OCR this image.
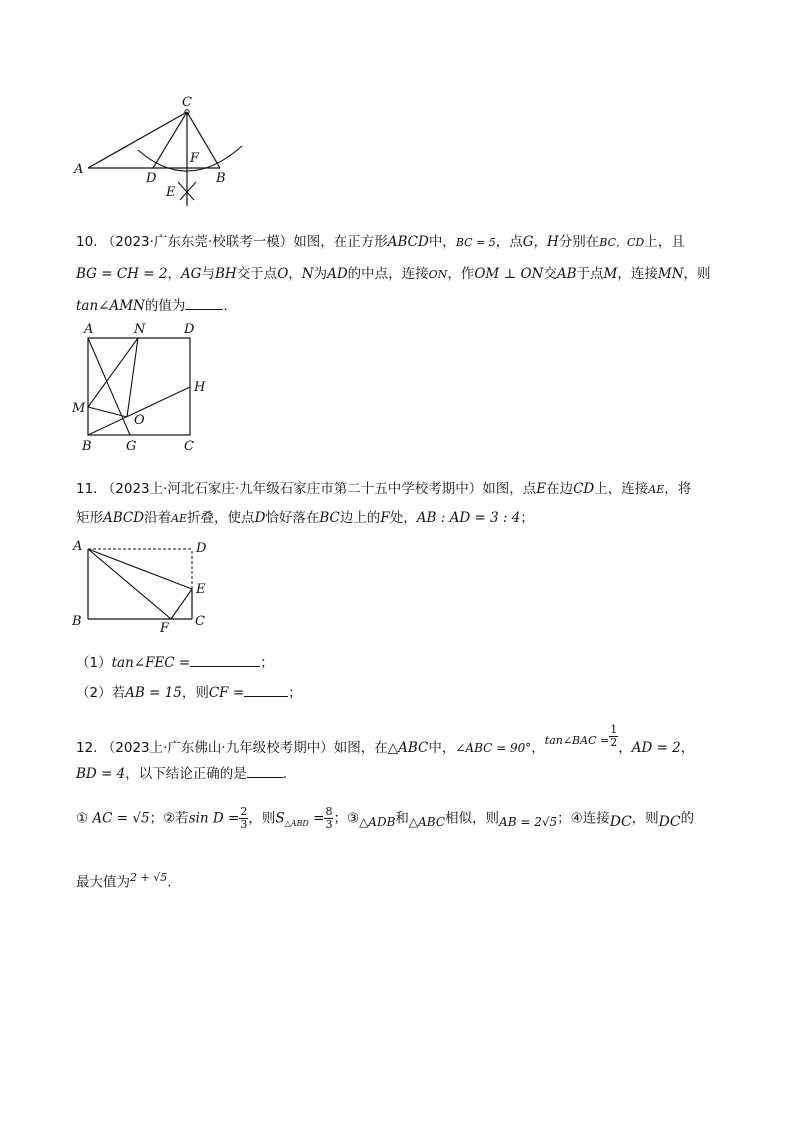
C
A
F
D	B
E
10. （2023·广东东莞·校联考一模）如图，在正方形ABCD中，BC = 5，点G，H分别在BC，CD上，且
BG = CH = 2，AG与BH交于点O，N为AD的中点，连接ON，作OM ⊥ ON交AB于点M，连接MN，则
tan∠AMN的值为	.
A	N	D
H
M
O
B	G	C
11. （2023上·河北石家庄·九年级石家庄市第二十五中学校考期中）如图，点E在边CD上，连接AE，将
矩形ABCD沿着AE折叠，使点D恰好落在BC边上的F处，AB : AD = 3 : 4；
A	D
E
B	F C
（1）tan∠FEC =	；
（2）若AB = 15，则CF =	；
12. （2023上·广东佛山·九年级校考期中）如图，在△ABC中，∠ABC = 90°，$^{tan\angle BAC =} \frac{1}{2}$ ，AD = 2，
BD = 4，以下结论正确的是	.
① AC = √5；②若$\sin D = \frac{2}{3}$ ，则$S_{\triangle ABD} = \frac{8}{3}$ ；$③_{\triangle ADB}$和$_{\triangle ABC}$相似，则$_{AB = 2√5}$；④连接$_{DC}$，则$_{DC}$的
最大值为$^{2 + √5}$.
